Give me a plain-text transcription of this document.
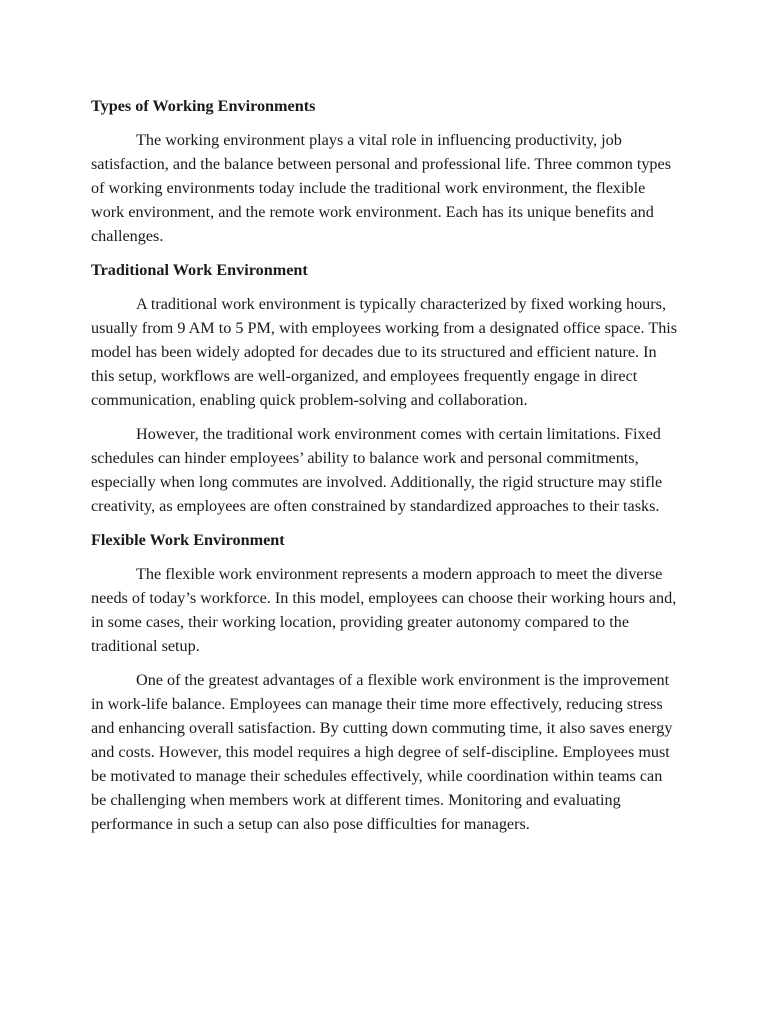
Types of Working Environments

The working environment plays a vital role in influencing productivity, job satisfaction, and the balance between personal and professional life. Three common types of working environments today include the traditional work environment, the flexible work environment, and the remote work environment. Each has its unique benefits and challenges.

Traditional Work Environment

A traditional work environment is typically characterized by fixed working hours, usually from 9 AM to 5 PM, with employees working from a designated office space. This model has been widely adopted for decades due to its structured and efficient nature. In this setup, workflows are well-organized, and employees frequently engage in direct communication, enabling quick problem-solving and collaboration.

However, the traditional work environment comes with certain limitations. Fixed schedules can hinder employees’ ability to balance work and personal commitments, especially when long commutes are involved. Additionally, the rigid structure may stifle creativity, as employees are often constrained by standardized approaches to their tasks.

Flexible Work Environment

The flexible work environment represents a modern approach to meet the diverse needs of today’s workforce. In this model, employees can choose their working hours and, in some cases, their working location, providing greater autonomy compared to the traditional setup.

One of the greatest advantages of a flexible work environment is the improvement in work-life balance. Employees can manage their time more effectively, reducing stress and enhancing overall satisfaction. By cutting down commuting time, it also saves energy and costs. However, this model requires a high degree of self-discipline. Employees must be motivated to manage their schedules effectively, while coordination within teams can be challenging when members work at different times. Monitoring and evaluating performance in such a setup can also pose difficulties for managers.
